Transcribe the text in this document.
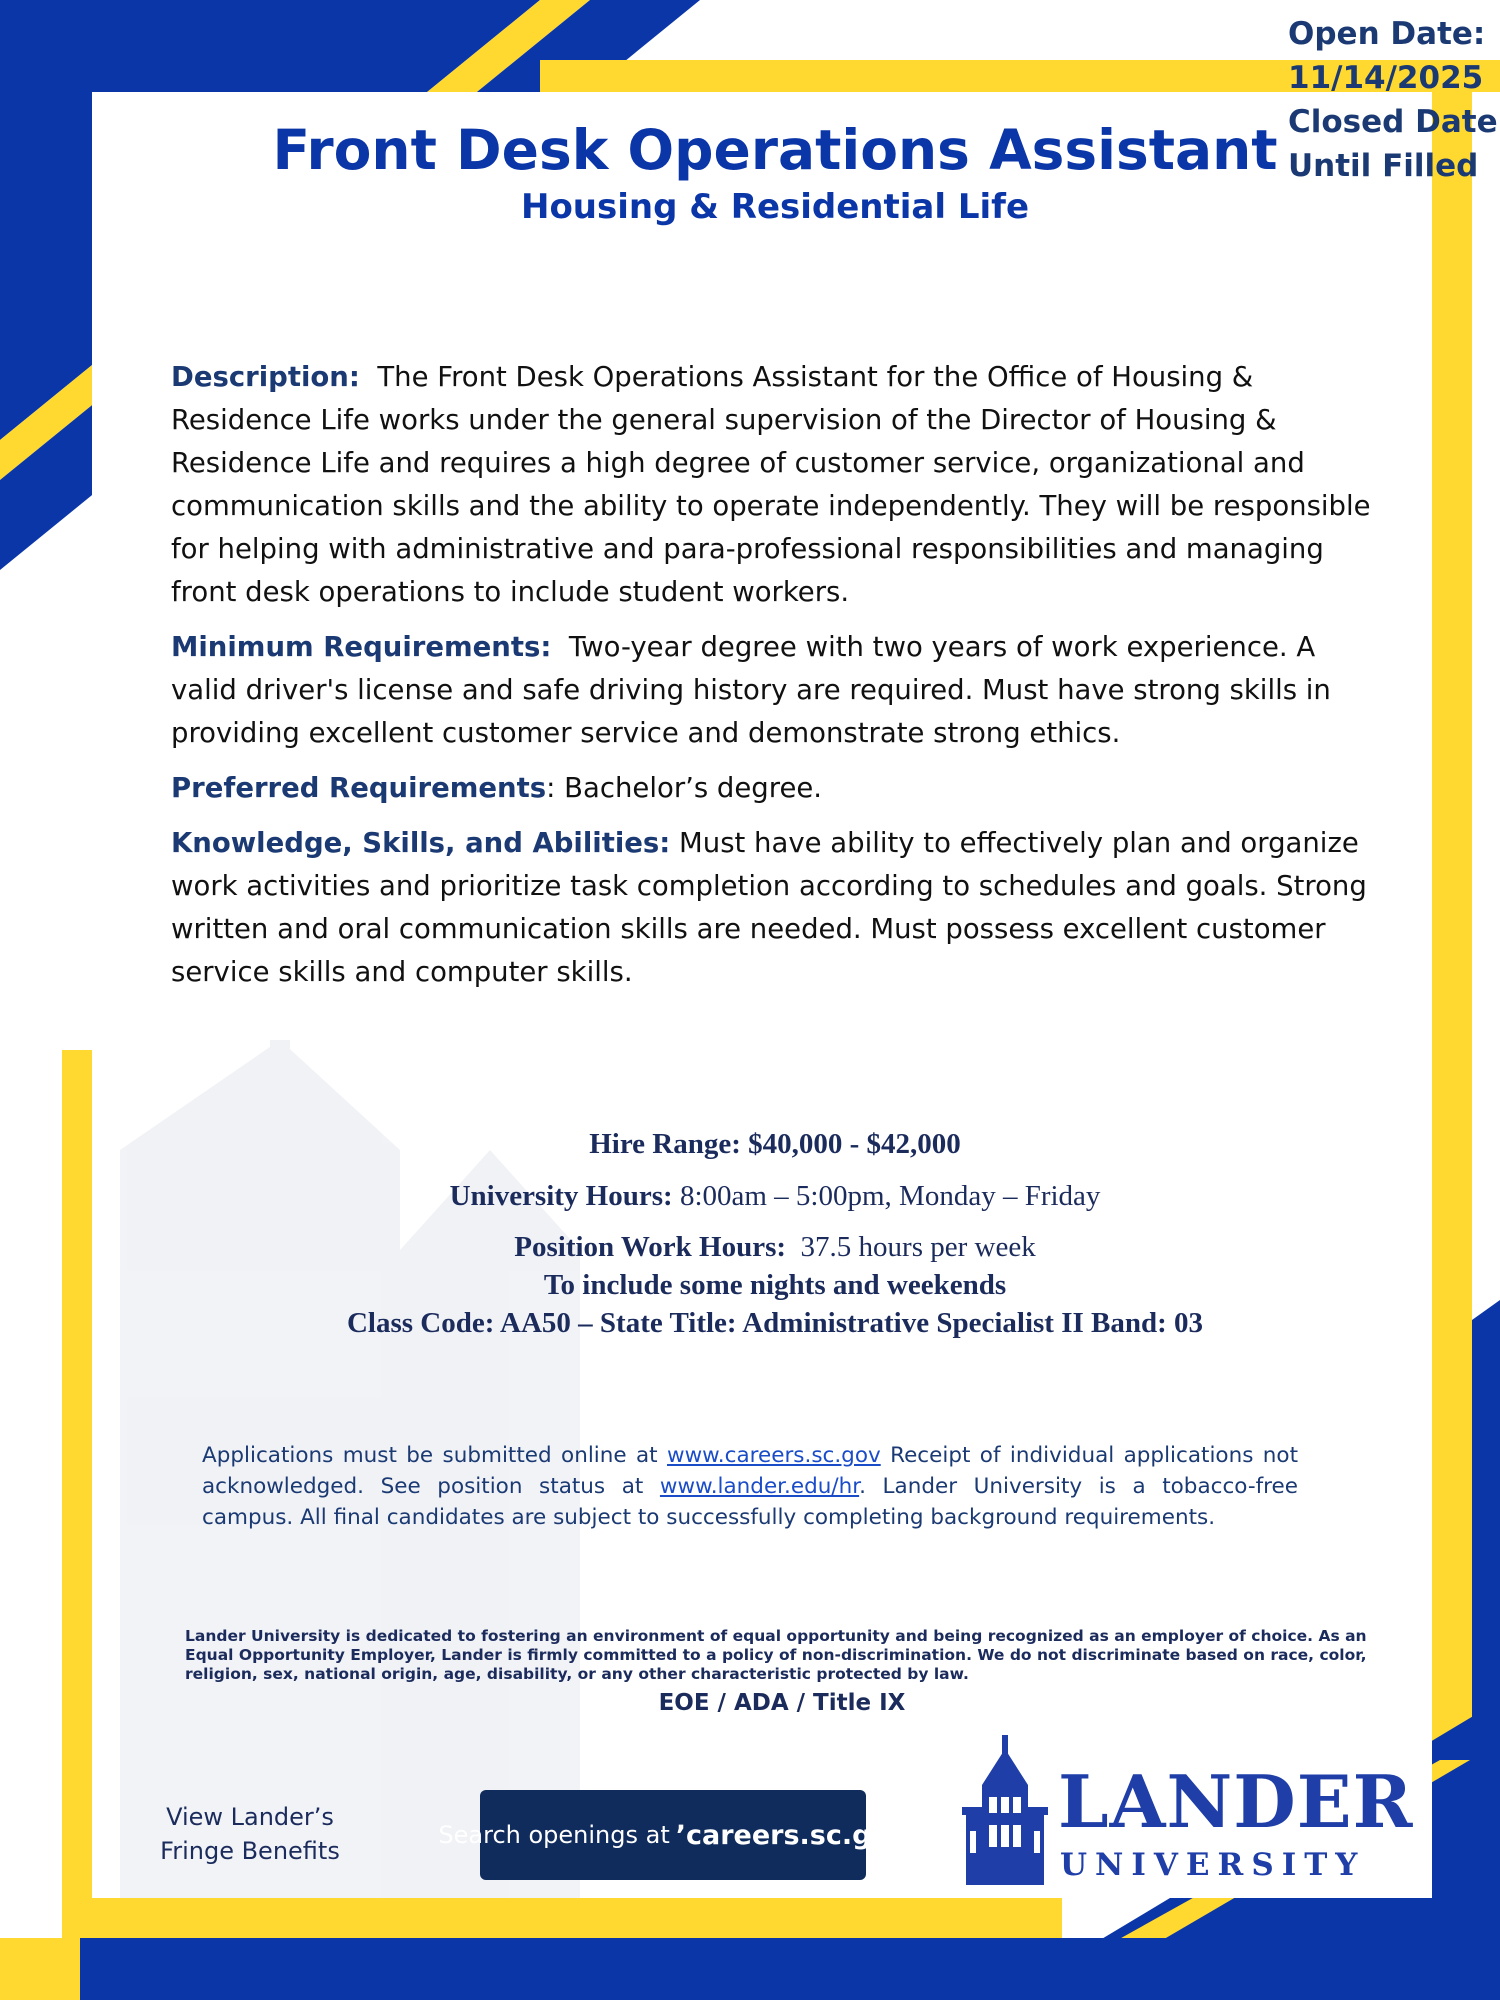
Open Date:
11/14/2025
Closed Date
Until Filled
Front Desk Operations Assistant
Housing & Residential Life

Description: The Front Desk Operations Assistant for the Office of Housing & Residence Life works under the general supervision of the Director of Housing & Residence Life and requires a high degree of customer service, organizational and communication skills and the ability to operate independently. They will be responsible for helping with administrative and para-professional responsibilities and managing front desk operations to include student workers.

Minimum Requirements: Two-year degree with two years of work experience. A valid driver's license and safe driving history are required. Must have strong skills in providing excellent customer service and demonstrate strong ethics.

Preferred Requirements: Bachelor’s degree.

Knowledge, Skills, and Abilities: Must have ability to effectively plan and organize work activities and prioritize task completion according to schedules and goals. Strong written and oral communication skills are needed. Must possess excellent customer service skills and computer skills.

Hire Range: $40,000 - $42,000
University Hours: 8:00am – 5:00pm, Monday – Friday
Position Work Hours: 37.5 hours per week
To include some nights and weekends
Class Code: AA50 – State Title: Administrative Specialist II Band: 03
Applications must be submitted online at www.careers.sc.gov Receipt of individual applications not acknowledged. See position status at www.lander.edu/hr. Lander University is a tobacco-free campus. All final candidates are subject to successfully completing background requirements.
Lander University is dedicated to fostering an environment of equal opportunity and being recognized as an employer of choice. As an Equal Opportunity Employer, Lander is firmly committed to a policy of non-discrimination. We do not discriminate based on race, color, religion, sex, national origin, age, disability, or any other characteristic protected by law.
EOE / ADA / Title IX
View Lander’s
Fringe Benefits
Search openings at ʼcareers.sc.gov LANDER
UNIVERSITY
